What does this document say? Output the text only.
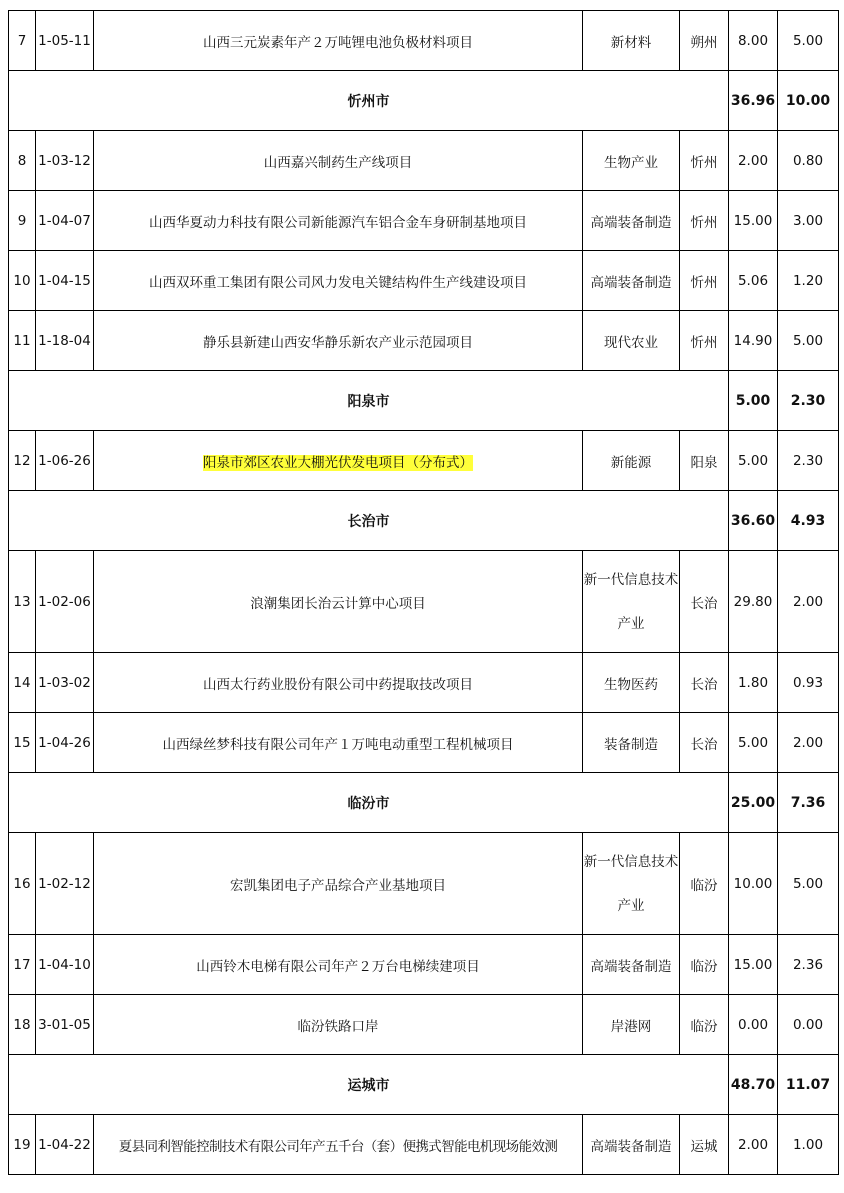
7	1-05-11	山西三元炭素年产２万吨锂电池负极材料项目	新材料	朔州	8.00	5.00
忻州市					36.96	10.00
8	1-03-12	山西嘉兴制药生产线项目	生物产业	忻州	2.00	0.80
9	1-04-07	山西华夏动力科技有限公司新能源汽车铝合金车身研制基地项目	高端装备制造	忻州	15.00	3.00
10	1-04-15	山西双环重工集团有限公司风力发电关键结构件生产线建设项目	高端装备制造	忻州	5.06	1.20
11	1-18-04	静乐县新建山西安华静乐新农产业示范园项目	现代农业	忻州	14.90	5.00
阳泉市					5.00	2.30
12	1-06-26	阳泉市郊区农业大棚光伏发电项目（分布式）	新能源	阳泉	5.00	2.30
长治市					36.60	4.93
13	1-02-06	浪潮集团长治云计算中心项目	新一代信息技术产业	长治	29.80	2.00
14	1-03-02	山西太行药业股份有限公司中药提取技改项目	生物医药	长治	1.80	0.93
15	1-04-26	山西绿丝梦科技有限公司年产１万吨电动重型工程机械项目	装备制造	长治	5.00	2.00
临汾市					25.00	7.36
16	1-02-12	宏凯集团电子产品综合产业基地项目	新一代信息技术产业	临汾	10.00	5.00
17	1-04-10	山西铃木电梯有限公司年产２万台电梯续建项目	高端装备制造	临汾	15.00	2.36
18	3-01-05	临汾铁路口岸	岸港网	临汾	0.00	0.00
运城市					48.70	11.07
19	1-04-22	夏县同利智能控制技术有限公司年产五千台（套）便携式智能电机现场能效测	高端装备制造	运城	2.00	1.00
